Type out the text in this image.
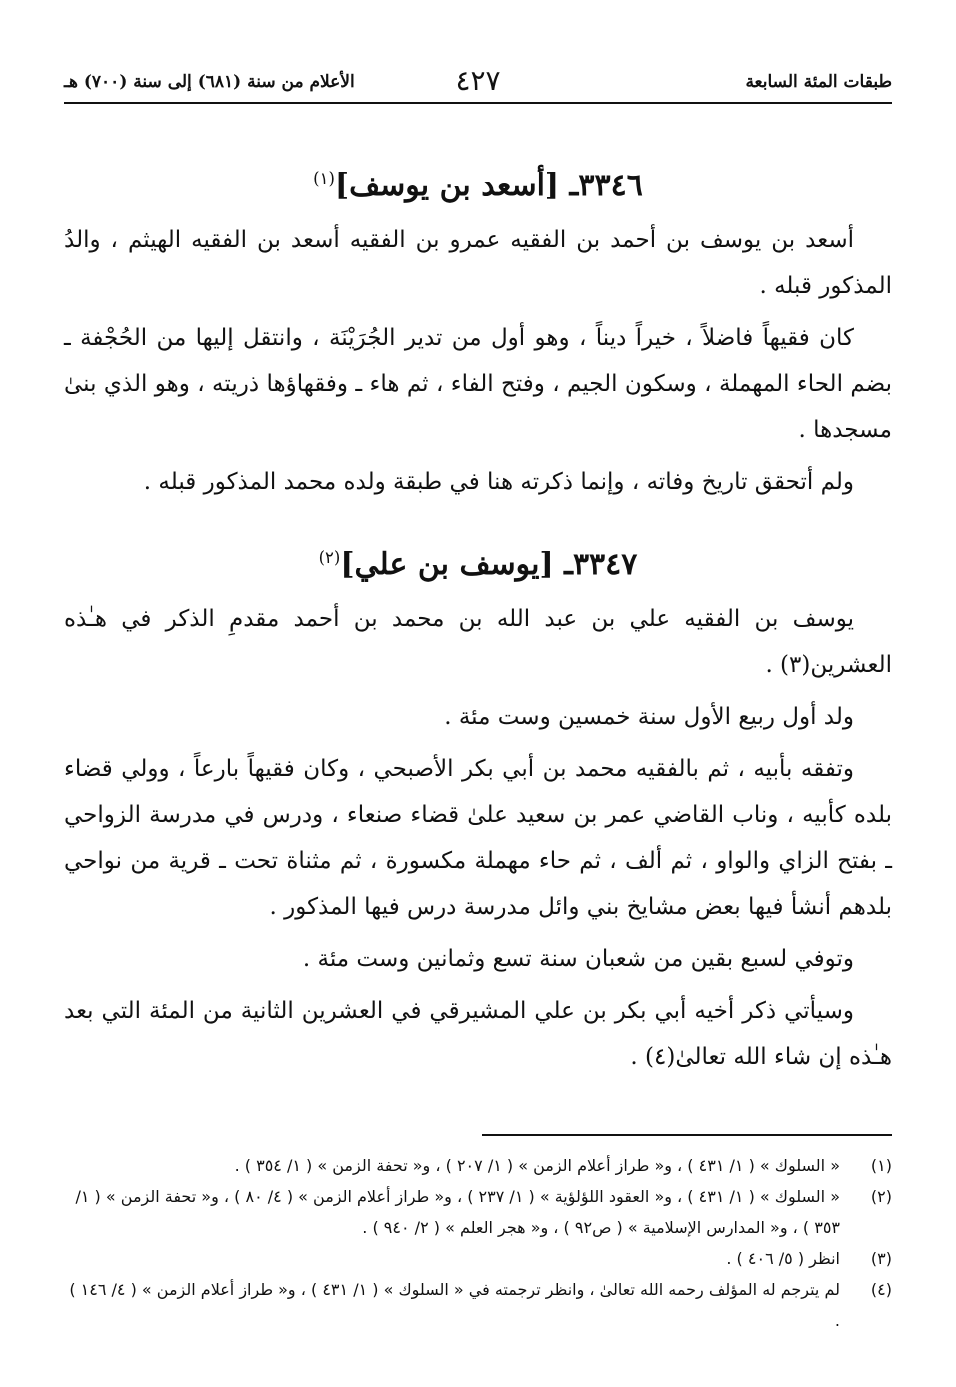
طبقات المئة السابعة
٤٢٧
الأعلام من سنة (٦٨١) إلى سنة (٧٠٠) هـ
٣٣٤٦ـ [أسعد بن يوسف]$^{(١)}$

أسعد بن يوسف بن أحمد بن الفقيه عمرو بن الفقيه أسعد بن الفقيه الهيثم ، والدُ المذكور قبله .

كان فقيهاً فاضلاً ، خيراً ديناً ، وهو أول من تدير الجُرَيْنَة ، وانتقل إليها من الحُجْفة ـ بضم الحاء المهملة ، وسكون الجيم ، وفتح الفاء ، ثم هاء ـ وفقهاؤها ذريته ، وهو الذي بنىٰ مسجدها .

ولم أتحقق تاريخ وفاته ، وإنما ذكرته هنا في طبقة ولده محمد المذكور قبله .

٣٣٤٧ـ [يوسف بن علي]$^{(٢)}$

يوسف بن الفقيه علي بن عبد الله بن محمد بن أحمد مقدمِ الذكر في هـٰذه العشرين(٣) .

ولد أول ربيع الأول سنة خمسين وست مئة .

وتفقه بأبيه ، ثم بالفقيه محمد بن أبي بكر الأصبحي ، وكان فقيهاً بارعاً ، وولي قضاء بلده كأبيه ، وناب القاضي عمر بن سعيد علىٰ قضاء صنعاء ، ودرس في مدرسة الزواحي ـ بفتح الزاي والواو ، ثم ألف ، ثم حاء مهملة مكسورة ، ثم مثناة تحت ـ قرية من نواحي بلدهم أنشأ فيها بعض مشايخ بني وائل مدرسة درس فيها المذكور .

وتوفي لسبع بقين من شعبان سنة تسع وثمانين وست مئة .

وسيأتي ذكر أخيه أبي بكر بن علي المشيرقي في العشرين الثانية من المئة التي بعد هـٰذه إن شاء الله تعالىٰ(٤) .

(١)
« السلوك » ( ١/ ٤٣١ ) ، و« طراز أعلام الزمن » ( ١/ ٢٠٧ ) ، و« تحفة الزمن » ( ١/ ٣٥٤ ) .
(٢)
« السلوك » ( ١/ ٤٣١ ) ، و« العقود اللؤلؤية » ( ١/ ٢٣٧ ) ، و« طراز أعلام الزمن » ( ٤/ ٨٠ ) ، و« تحفة الزمن » ( ١/ ٣٥٣ ) ، و« المدارس الإسلامية » ( ص٩٢ ) ، و« هجر العلم » ( ٢/ ٩٤٠ ) .
(٣)
انظر ( ٥/ ٤٠٦ ) .
(٤)
لم يترجم له المؤلف رحمه الله تعالىٰ ، وانظر ترجمته في « السلوك » ( ١/ ٤٣١ ) ، و« طراز أعلام الزمن » ( ٤/ ١٤٦ ) .
